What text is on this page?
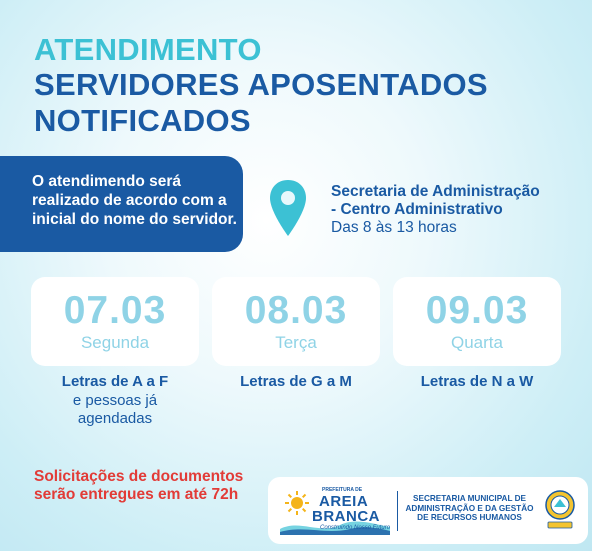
ATENDIMENTO
SERVIDORES APOSENTADOS
NOTIFICADOS
O atendimendo será realizado de acordo com a inicial do nome do servidor.
Secretaria de Administração
- Centro Administrativo
Das 8 às 13 horas
07.03
Segunda
08.03
Terça
09.03
Quarta
Letras de A a F
e pessoas já agendadas
Letras de G a M	Letras de N a W
Solicitações de documentos serão entregues em até 72h	PREFEITURA DE
AREIA
BRANCA
Construindo Nosso Futuro
SECRETARIA MUNICIPAL DE ADMINISTRAÇÃO E DA GESTÃO DE RECURSOS HUMANOS
